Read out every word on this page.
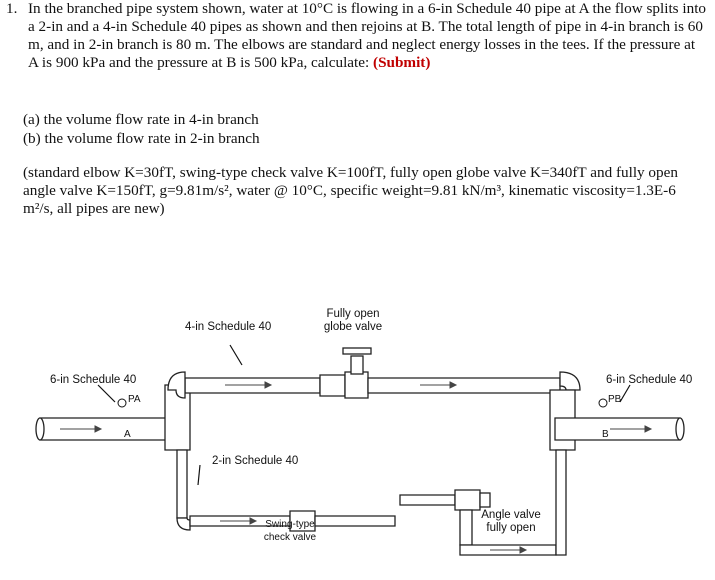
1. In the branched pipe system shown, water at 10°C is flowing in a 6-in Schedule 40 pipe at A the flow splits into a 2-in and a 4-in Schedule 40 pipes as shown and then rejoins at B. The total length of pipe in 4-in branch is 60 m, and in 2-in branch is 80 m. The elbows are standard and neglect energy losses in the tees. If the pressure at A is 900 kPa and the pressure at B is 500 kPa, calculate: (Submit)
(a) the volume flow rate in 4-in branch
(b) the volume flow rate in 2-in branch
(standard elbow K=30fT, swing-type check valve K=100fT, fully open globe valve K=340fT and fully open angle valve K=150fT, g=9.81m/s², water @ 10°C, specific weight=9.81 kN/m³, kinematic viscosity=1.3E-6 m²/s, all pipes are new)
6-in Schedule 40	6-in Schedule 40
4-in Schedule 40
2-in Schedule 40
Fully open
globe valve
Swing-type
check valve
Angle valve
fully open
PA	PB
A	B
